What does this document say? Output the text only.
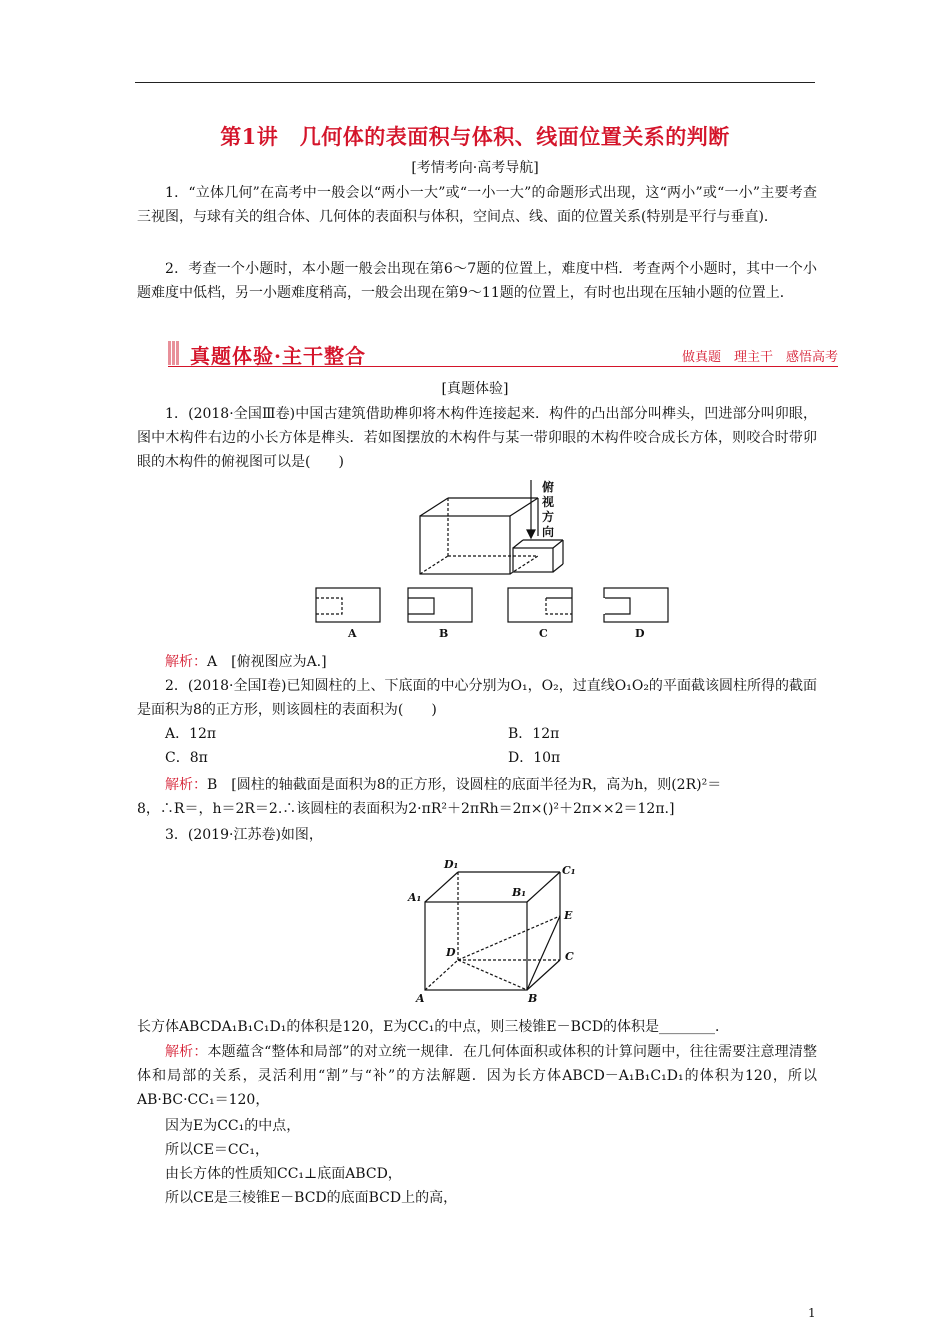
第1讲　几何体的表面积与体积、线面位置关系的判断
[考情考向·高考导航]

1．“立体几何”在高考中一般会以“两小一大”或“一小一大”的命题形式出现，这“两小”或“一小”主要考查三视图，与球有关的组合体、几何体的表面积与体积，空间点、线、面的位置关系(特别是平行与垂直)．

2．考查一个小题时，本小题一般会出现在第6～7题的位置上，难度中档．考查两个小题时，其中一个小题难度中低档，另一小题难度稍高，一般会出现在第9～11题的位置上，有时也出现在压轴小题的位置上．

真题体验·主干整合	做真题　理主干　感悟高考
[真题体验]

1．(2018·全国Ⅲ卷)中国古建筑借助榫卯将木构件连接起来．构件的凸出部分叫榫头，凹进部分叫卯眼，图中木构件右边的小长方体是榫头．若如图摆放的木构件与某一带卯眼的木构件咬合成长方体，则咬合时带卯眼的木构件的俯视图可以是(　　)

俯
视
方
向
A	B	C	D
解析：A　[俯视图应为A.]

2．(2018·全国Ⅰ卷)已知圆柱的上、下底面的中心分别为O₁，O₂，过直线O₁O₂的平面截该圆柱所得的截面是面积为8的正方形，则该圆柱的表面积为(　　)

A．12π	B．12π
C．8π	D．10π
解析：B　[圆柱的轴截面是面积为8的正方形，设圆柱的底面半径为R，高为h，则(2R)²＝
8，∴R＝，h＝2R＝2.∴该圆柱的表面积为2·πR²＋2πRh＝2π×()²＋2π××2＝12π.]
3．(2019·江苏卷)如图，
D₁	C₁
A₁	B₁
E
D	C
A	B
长方体ABCDA₁B₁C₁D₁的体积是120，E为CC₁的中点，则三棱锥E－BCD的体积是________．

解析：本题蕴含“整体和局部”的对立统一规律．在几何体面积或体积的计算问题中，往往需要注意理清整体和局部的关系，灵活利用“割”与“补”的方法解题．因为长方体ABCD－A₁B₁C₁D₁的体积为120，所以AB·BC·CC₁＝120，

因为E为CC₁的中点，
所以CE＝CC₁，
由长方体的性质知CC₁⊥底面ABCD，
所以CE是三棱锥E－BCD的底面BCD上的高，
1
